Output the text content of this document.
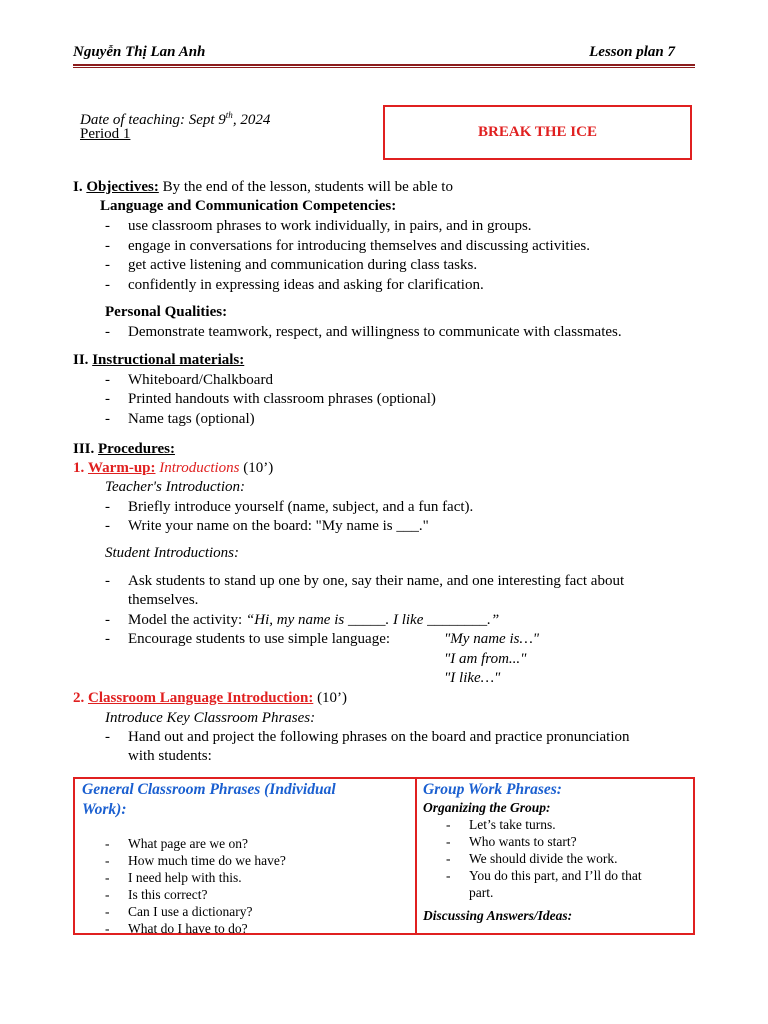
Nguyễn Thị Lan Anh	Lesson plan 7
Date of teaching: Sept 9th, 2024
Period 1	BREAK THE ICE
I. Objectives: By the end of the lesson, students will be able to
Language and Communication Competencies:
- use classroom phrases to work individually, in pairs, and in groups.
- engage in conversations for introducing themselves and discussing activities.
- get active listening and communication during class tasks.
- confidently in expressing ideas and asking for clarification.
Personal Qualities:
- Demonstrate teamwork, respect, and willingness to communicate with classmates.
II. Instructional materials:
- Whiteboard/Chalkboard
- Printed handouts with classroom phrases (optional)
- Name tags (optional)
III. Procedures:
1. Warm-up: Introductions (10’)
Teacher's Introduction:
- Briefly introduce yourself (name, subject, and a fun fact).
- Write your name on the board: "My name is ___."
Student Introductions:
- Ask students to stand up one by one, say their name, and one interesting fact about
themselves.
- Model the activity: “Hi, my name is _____. I like ________.”
- Encourage students to use simple language:	"My name is…"
"I am from..."
"I like…"
2. Classroom Language Introduction: (10’)
Introduce Key Classroom Phrases:
- Hand out and project the following phrases on the board and practice pronunciation
with students:
General Classroom Phrases (Individual
Work):
- What page are we on?
- How much time do we have?
- I need help with this.
- Is this correct?
- Can I use a dictionary?
- What do I have to do?

Group Work Phrases:
Organizing the Group:
- Let’s take turns.
- Who wants to start?
- We should divide the work.
- You do this part, and I’ll do that
part.
Discussing Answers/Ideas:
